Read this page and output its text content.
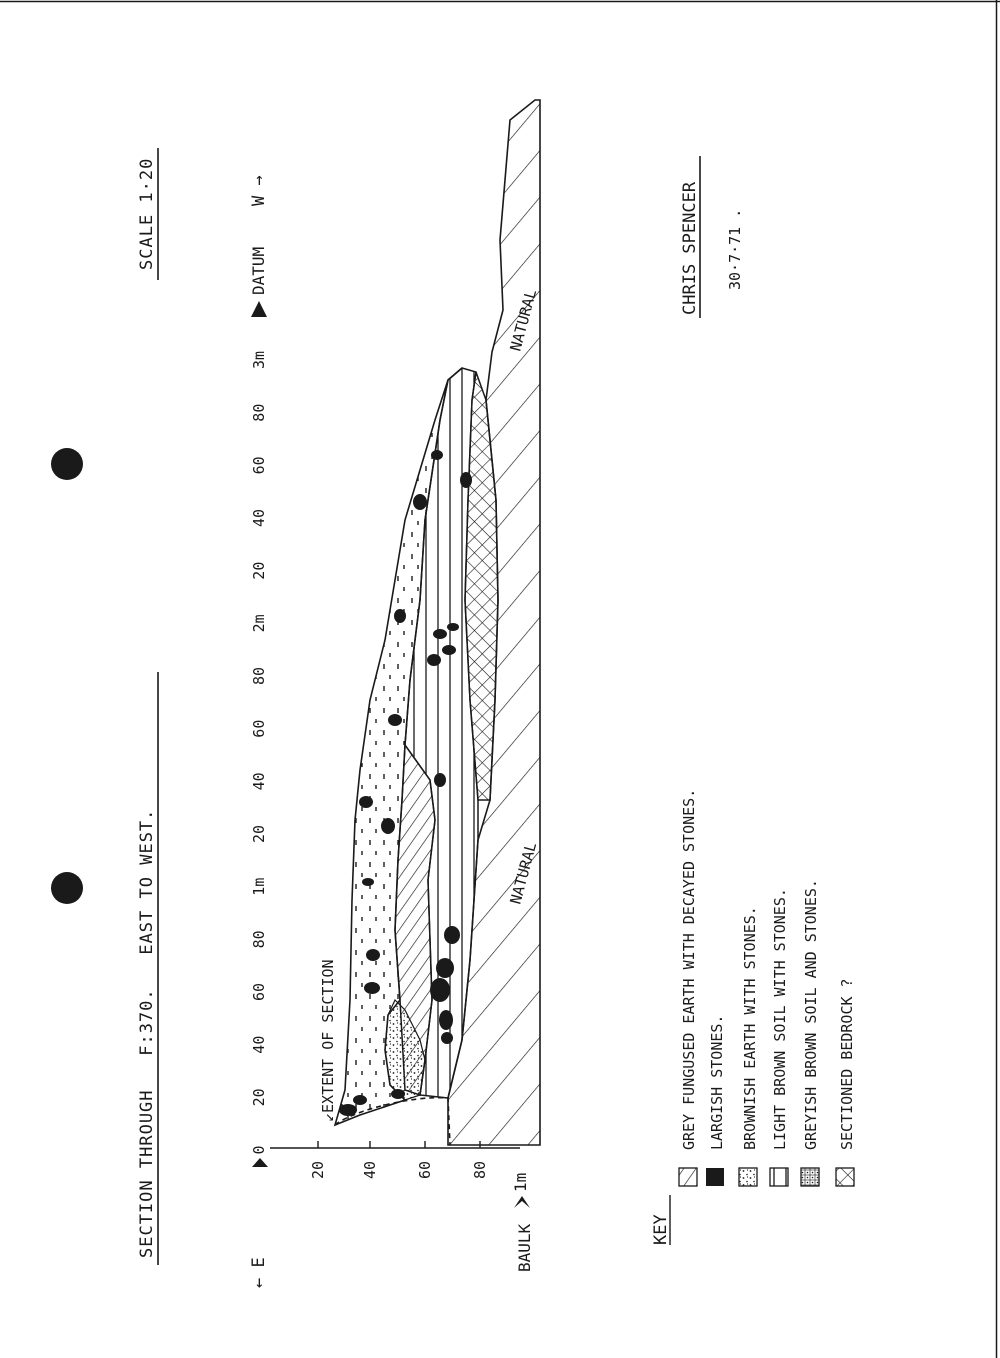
SECTION THROUGH   F:370.   EAST TO WEST.
SCALE 1·20
← E
W →
DATUM
0
20
40
60
80
1m
20
40
60
80
2m
20
40
60
80
3m
20 40 60 80
1m
BAULK
↙EXTENT OF SECTION
NATURAL
NATURAL
CHRIS SPENCER 30·7·71 .
KEY
GREY FUNGUSED EARTH WITH DECAYED STONES. LARGISH STONES. BROWNISH EARTH WITH STONES. LIGHT BROWN SOIL WITH STONES. GREYISH BROWN SOIL AND STONES. SECTIONED BEDROCK ?
